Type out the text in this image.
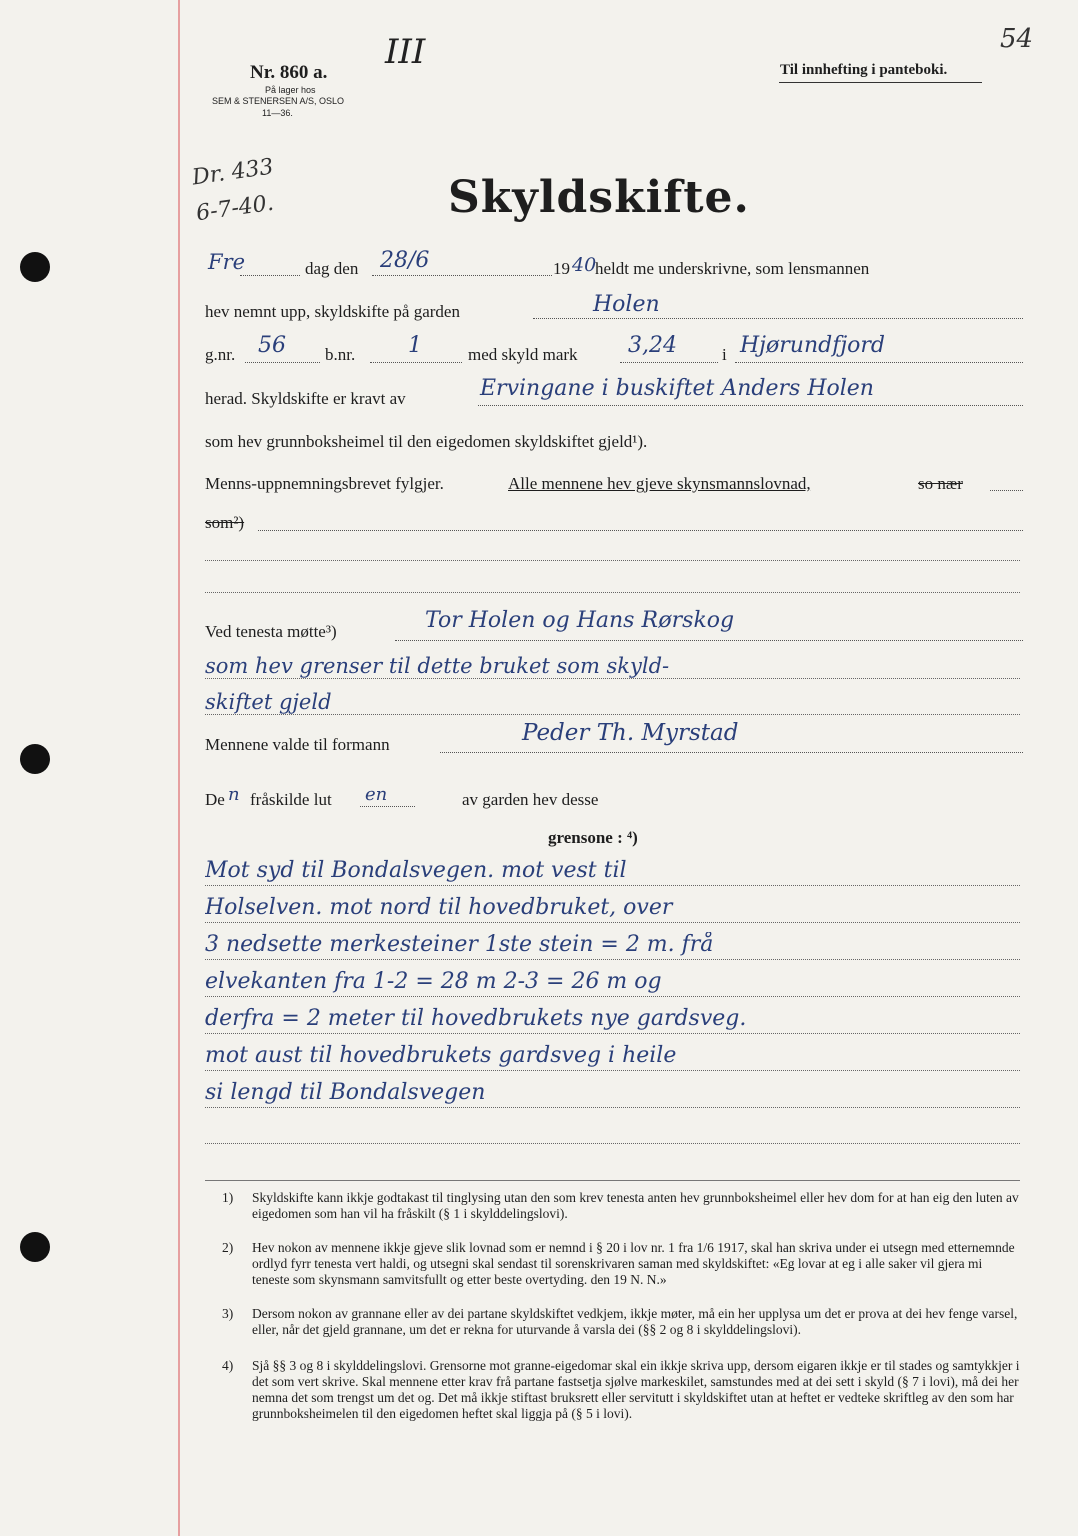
Nr. 860 a.
På lager hos
SEM & STENERSEN A/S, OSLO
11—36.
III	Til innhefting i panteboki.
54
Dr. 433
6-7-40.	Skyldskifte.
Fre	dag den 28/6	19 40
heldt me underskrivne, som lensmannen
hev nemnt upp, skyldskifte på garden	Holen
g.nr. 56 b.nr. 1	med skyld mark 3,24	i Hjørundfjord
herad. Skyldskifte er kravt av	Ervingane i buskiftet Anders Holen
som hev grunnboksheimel til den eigedomen skyldskiftet gjeld¹).
Menns-uppnemningsbrevet fylgjer.	Alle mennene hev gjeve skynsmannslovnad,	so nær
som²)
Ved tenesta møtte³)	Tor Holen og Hans Rørskog
som hev grenser til dette bruket som skyld-
skiftet gjeld
Mennene valde til formann	Peder Th. Myrstad
De n fråskilde lut en	av garden hev desse
grensone : ⁴)
Mot syd til Bondalsvegen. mot vest til
Holselven. mot nord til hovedbruket, over
3 nedsette merkesteiner 1ste stein = 2 m. frå
elvekanten fra 1-2 = 28 m 2-3 = 26 m og
derfra = 2 meter til hovedbrukets nye gardsveg.
mot aust til hovedbrukets gardsveg i heile
si lengd til Bondalsvegen
1) Skyldskifte kann ikkje godtakast til tinglysing utan den som krev tenesta anten hev grunnboksheimel eller hev dom for at han eig den luten av eigedomen som han vil ha fråskilt (§ 1 i skylddelingslovi).
2) Hev nokon av mennene ikkje gjeve slik lovnad som er nemnd i § 20 i lov nr. 1 fra 1/6 1917, skal han skriva under ei utsegn med etternemnde ordlyd fyrr tenesta vert haldi, og utsegni skal sendast til sorenskrivaren saman med skyldskiftet: «Eg lovar at eg i alle saker vil gjera mi teneste som skynsmann samvitsfullt og etter beste overtyding. den 19 N. N.»
3) Dersom nokon av grannane eller av dei partane skyldskiftet vedkjem, ikkje møter, må ein her upplysa um det er prova at dei hev fenge varsel, eller, når det gjeld grannane, um det er rekna for uturvande å varsla dei (§§ 2 og 8 i skylddelingslovi).
4) Sjå §§ 3 og 8 i skylddelingslovi. Grensorne mot granne-eigedomar skal ein ikkje skriva upp, dersom eigaren ikkje er til stades og samtykkjer i det som vert skrive. Skal mennene etter krav frå partane fastsetja sjølve markeskilet, samstundes med at dei sett i skyld (§ 7 i lovi), må dei her nemna det som trengst um det og. Det må ikkje stiftast bruksrett eller servitutt i skyldskiftet utan at heftet er vedteke skriftleg av den som har grunnboksheimelen til den eigedomen heftet skal liggja på (§ 5 i lovi).
